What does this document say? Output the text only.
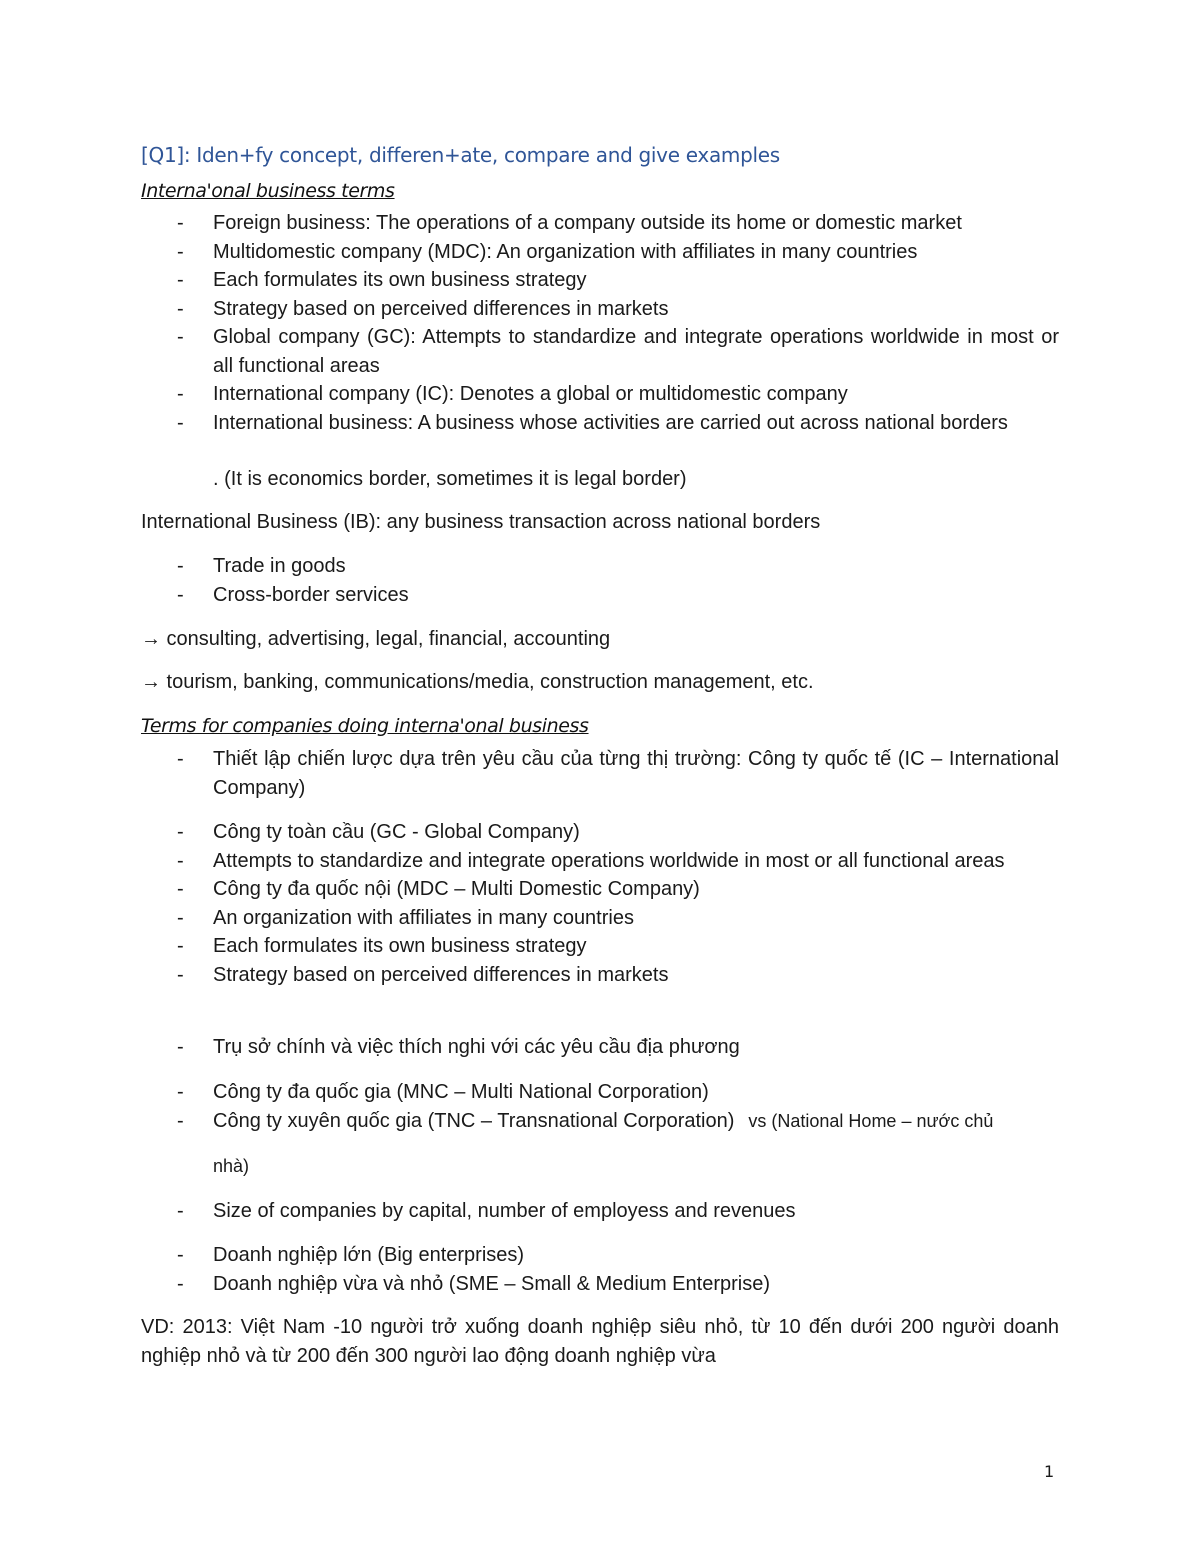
[Q1]: Iden+fy concept, differen+ate, compare and give examples
Interna'onal business terms
- Foreign business: The operations of a company outside its home or domestic market
- Multidomestic company (MDC): An organization with affiliates in many countries
- Each formulates its own business strategy
- Strategy based on perceived differences in markets
- Global company (GC): Attempts to standardize and integrate operations worldwide in most or all functional areas
- International company (IC): Denotes a global or multidomestic company
- International business: A business whose activities are carried out across national borders
. (It is economics border, sometimes it is legal border)
International Business (IB): any business transaction across national borders
- Trade in goods
- Cross-border services
→ consulting, advertising, legal, financial, accounting
→ tourism, banking, communications/media, construction management, etc.
Terms for companies doing interna'onal business
- Thiết lập chiến lược dựa trên yêu cầu của từng thị trường: Công ty quốc tế (IC – International Company)
- Công ty toàn cầu (GC - Global Company)
- Attempts to standardize and integrate operations worldwide in most or all functional areas
- Công ty đa quốc nội (MDC – Multi Domestic Company)
- An organization with affiliates in many countries
- Each formulates its own business strategy
- Strategy based on perceived differences in markets
- Trụ sở chính và việc thích nghi với các yêu cầu địa phương
- Công ty đa quốc gia (MNC – Multi National Corporation)
- Công ty xuyên quốc gia (TNC – Transnational Corporation) vs (National Home – nước chủ
nhà)
- Size of companies by capital, number of employess and revenues
- Doanh nghiệp lớn (Big enterprises)
- Doanh nghiệp vừa và nhỏ (SME – Small & Medium Enterprise)
VD: 2013: Việt Nam -10 người trở xuống doanh nghiệp siêu nhỏ, từ 10 đến dưới 200 người doanh nghiệp nhỏ và từ 200 đến 300 người lao động doanh nghiệp vừa
1
